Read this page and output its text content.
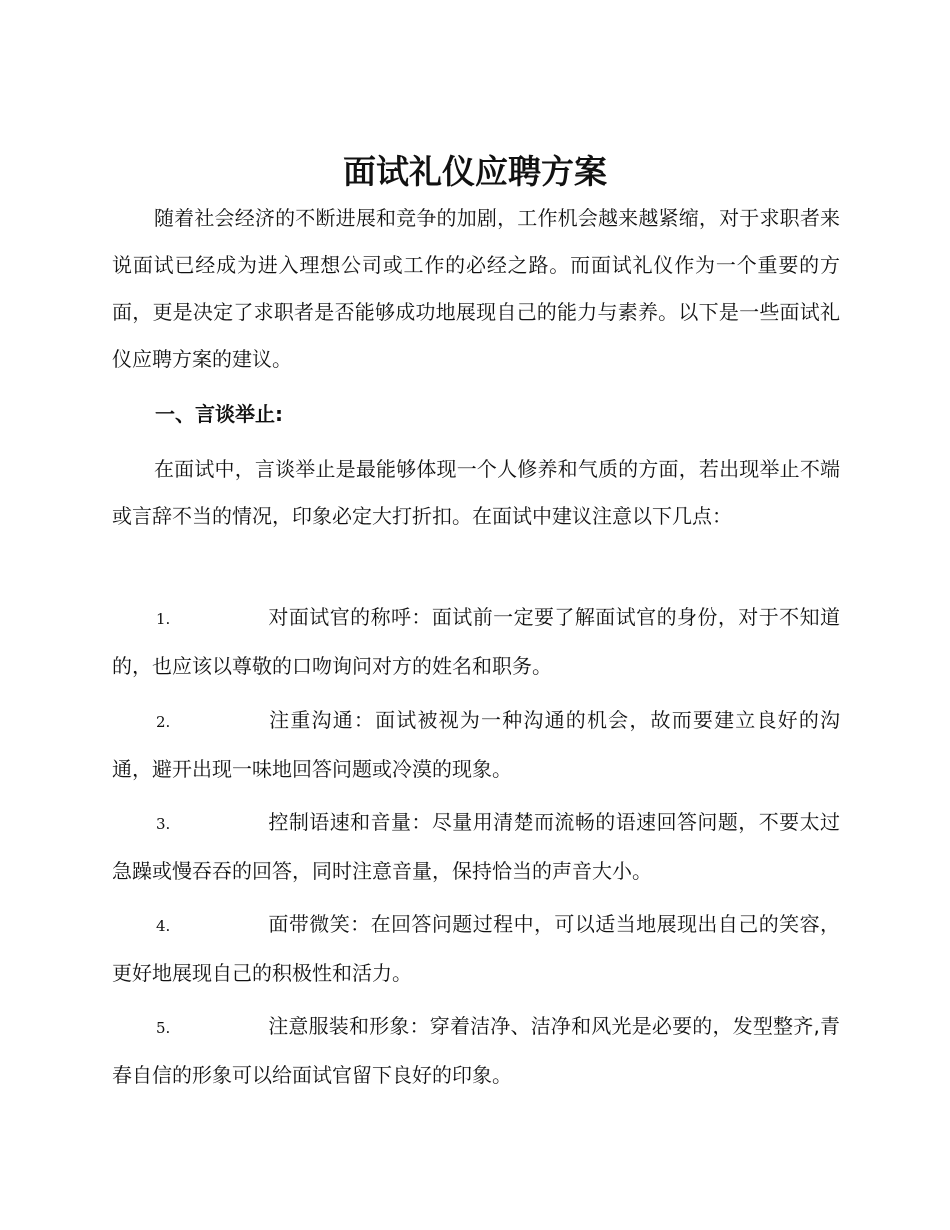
面试礼仪应聘方案

随着社会经济的不断进展和竞争的加剧，工作机会越来越紧缩，对于求职者来说面试已经成为进入理想公司或工作的必经之路。而面试礼仪作为一个重要的方面，更是决定了求职者是否能够成功地展现自己的能力与素养。以下是一些面试礼仪应聘方案的建议。

一、言谈举止:

在面试中，言谈举止是最能够体现一个人修养和气质的方面，若出现举止不端或言辞不当的情况，印象必定大打折扣。在面试中建议注意以下几点：

1.	对面试官的称呼：面试前一定要了解面试官的身份，对于不知道的，也应该以尊敬的口吻询问对方的姓名和职务。

2.	注重沟通：面试被视为一种沟通的机会，故而要建立良好的沟通，避开出现一味地回答问题或冷漠的现象。

3.	控制语速和音量：尽量用清楚而流畅的语速回答问题，不要太过急躁或慢吞吞的回答，同时注意音量，保持恰当的声音大小。

4.	面带微笑：在回答问题过程中，可以适当地展现出自己的笑容，更好地展现自己的积极性和活力。

5.	注意服装和形象：穿着洁净、洁净和风光是必要的，发型整齐,青春自信的形象可以给面试官留下良好的印象。
